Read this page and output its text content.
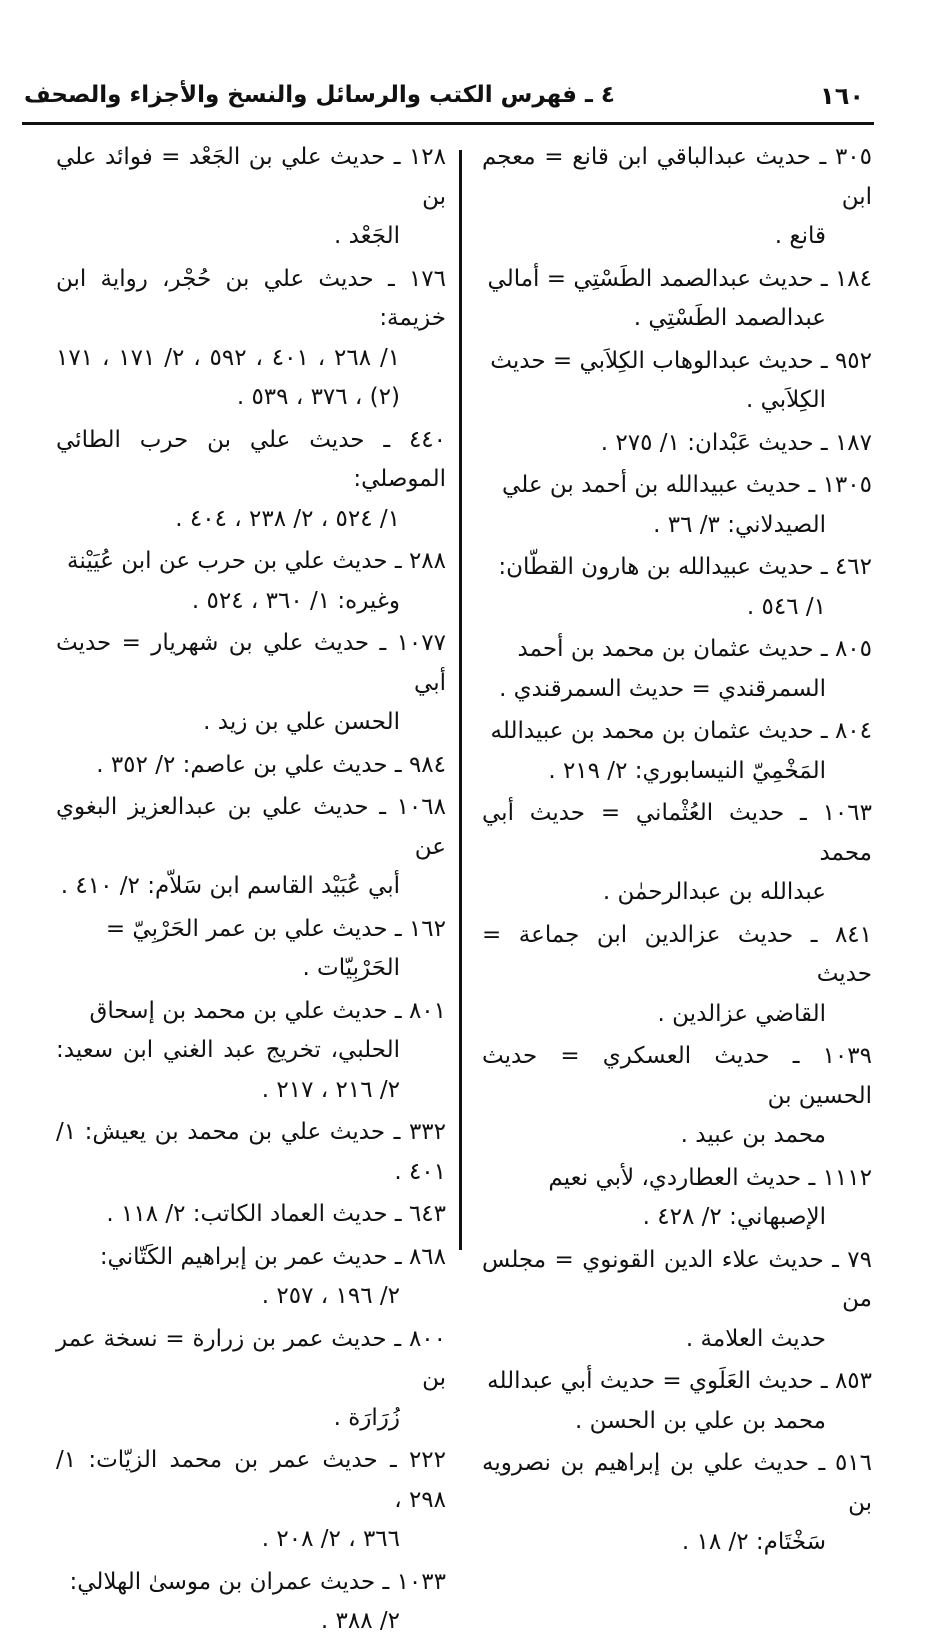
١٦٠
٤ ـ فهرس الكتب والرسائل والنسخ والأجزاء والصحف
٣٠٥ ـ حديث عبدالباقي ابن قانع = معجم ابن
قانع .
١٨٤ ـ حديث عبدالصمد الطَسْتِي = أمالي
عبدالصمد الطَسْتِي .
٩٥٢ ـ حديث عبدالوهاب الكِلاَبي = حديث
الكِلاَبي .
١٨٧ ـ حديث عَبْدان: ١/ ٢٧٥ .
١٣٠٥ ـ حديث عبيدالله بن أحمد بن علي
الصيدلاني: ٣/ ٣٦ .
٤٦٢ ـ حديث عبيدالله بن هارون القطّان:
١/ ٥٤٦ .
٨٠٥ ـ حديث عثمان بن محمد بن أحمد
السمرقندي = حديث السمرقندي .
٨٠٤ ـ حديث عثمان بن محمد بن عبيدالله
المَخْمِيّ النيسابوري: ٢/ ٢١٩ .
١٠٦٣ ـ حديث العُثْماني = حديث أبي محمد
عبدالله بن عبدالرحمٰن .
٨٤١ ـ حديث عزالدين ابن جماعة = حديث
القاضي عزالدين .
١٠٣٩ ـ حديث العسكري = حديث الحسين بن
محمد بن عبيد .
١١١٢ ـ حديث العطاردي، لأبي نعيم
الإصبهاني: ٢/ ٤٢٨ .
٧٩ ـ حديث علاء الدين القونوي = مجلس من
حديث العلامة .
٨٥٣ ـ حديث العَلَوي = حديث أبي عبدالله
محمد بن علي بن الحسن .
٥١٦ ـ حديث علي بن إبراهيم بن نصرويه بن
سَخْتَام: ٢/ ١٨ .
١٢٨ ـ حديث علي بن الجَعْد = فوائد علي بن
الجَعْد .
١٧٦ ـ حديث علي بن حُجْر، رواية ابن خزيمة:
١/ ٢٦٨ ، ٤٠١ ، ٥٩٢ ، ٢/ ١٧١ ، ١٧١ (٢) ، ٣٧٦ ، ٥٣٩ .
٤٤٠ ـ حديث علي بن حرب الطائي الموصلي:
١/ ٥٢٤ ، ٢/ ٢٣٨ ، ٤٠٤ .
٢٨٨ ـ حديث علي بن حرب عن ابن عُيَيْنة
وغيره: ١/ ٣٦٠ ، ٥٢٤ .
١٠٧٧ ـ حديث علي بن شهريار = حديث أبي
الحسن علي بن زيد .
٩٨٤ ـ حديث علي بن عاصم: ٢/ ٣٥٢ .
١٠٦٨ ـ حديث علي بن عبدالعزيز البغوي عن
أبي عُبَيْد القاسم ابن سَلاّم: ٢/ ٤١٠ .
١٦٢ ـ حديث علي بن عمر الحَرْبِيّ =
الحَرْبِيّات .
٨٠١ ـ حديث علي بن محمد بن إسحاق
الحلبي، تخريج عبد الغني ابن سعيد: ٢/ ٢١٦ ، ٢١٧ .
٣٣٢ ـ حديث علي بن محمد بن يعيش: ١/ ٤٠١ .
٦٤٣ ـ حديث العماد الكاتب: ٢/ ١١٨ .
٨٦٨ ـ حديث عمر بن إبراهيم الكَتّاني:
٢/ ١٩٦ ، ٢٥٧ .
٨٠٠ ـ حديث عمر بن زرارة = نسخة عمر بن
زُرَارَة .
٢٢٢ ـ حديث عمر بن محمد الزيّات: ١/ ٢٩٨ ،
٣٦٦ ، ٢/ ٢٠٨ .
١٠٣٣ ـ حديث عمران بن موسىٰ الهلالي:
٢/ ٣٨٨ .
